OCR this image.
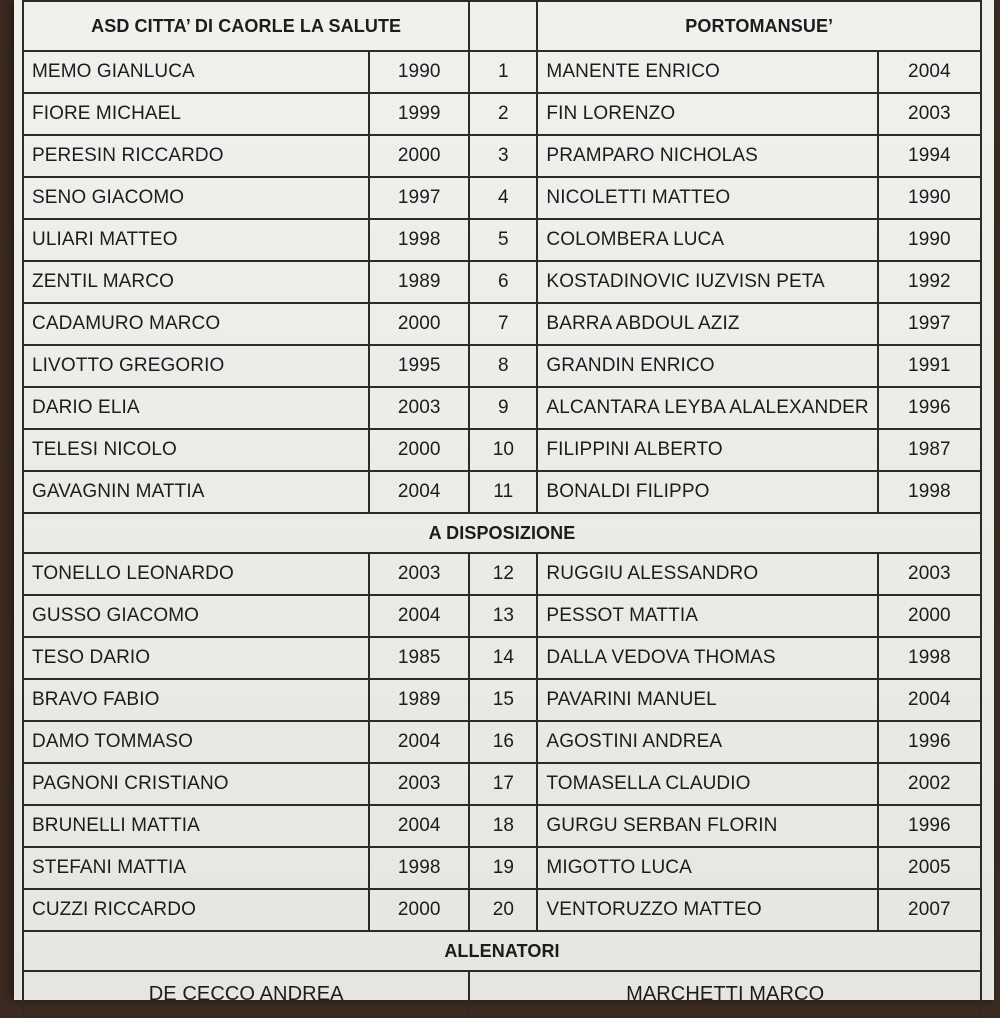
ASD CITTA’ DI CAORLE LA SALUTE			PORTOMANSUE’	
MEMO GIANLUCA	1990	1	MANENTE ENRICO	2004
FIORE MICHAEL	1999	2	FIN LORENZO	2003
PERESIN RICCARDO	2000	3	PRAMPARO NICHOLAS	1994
SENO GIACOMO	1997	4	NICOLETTI MATTEO	1990
ULIARI MATTEO	1998	5	COLOMBERA LUCA	1990
ZENTIL MARCO	1989	6	KOSTADINOVIC IUZVISN PETA	1992
CADAMURO MARCO	2000	7	BARRA ABDOUL AZIZ	1997
LIVOTTO GREGORIO	1995	8	GRANDIN ENRICO	1991
DARIO ELIA	2003	9	ALCANTARA LEYBA ALALEXANDER	1996
TELESI NICOLO	2000	10	FILIPPINI ALBERTO	1987
GAVAGNIN MATTIA	2004	11	BONALDI FILIPPO	1998
A DISPOSIZIONE				
TONELLO LEONARDO	2003	12	RUGGIU ALESSANDRO	2003
GUSSO GIACOMO	2004	13	PESSOT MATTIA	2000
TESO DARIO	1985	14	DALLA VEDOVA THOMAS	1998
BRAVO FABIO	1989	15	PAVARINI MANUEL	2004
DAMO TOMMASO	2004	16	AGOSTINI ANDREA	1996
PAGNONI CRISTIANO	2003	17	TOMASELLA CLAUDIO	2002
BRUNELLI MATTIA	2004	18	GURGU SERBAN FLORIN	1996
STEFANI MATTIA	1998	19	MIGOTTO LUCA	2005
CUZZI RICCARDO	2000	20	VENTORUZZO MATTEO	2007
ALLENATORI				
DE CECCO ANDREA		MARCHETTI MARCO		
